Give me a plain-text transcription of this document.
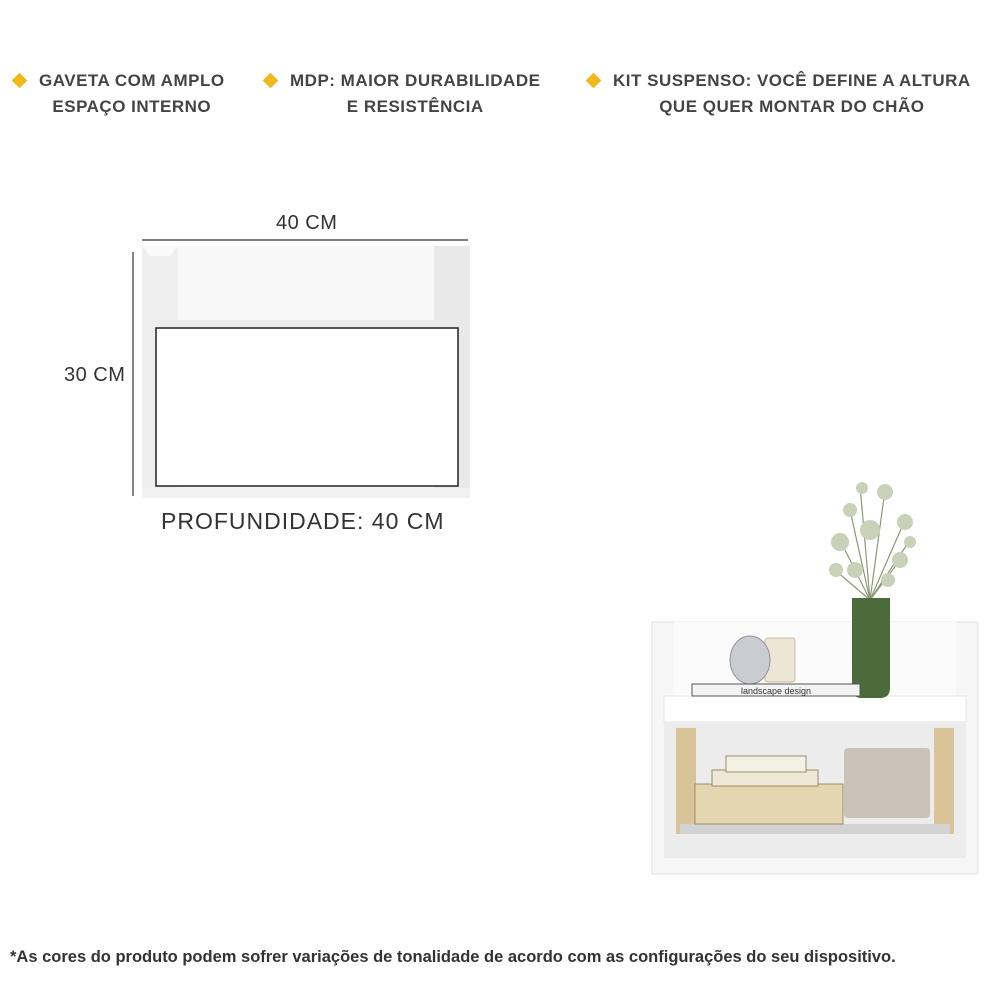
GAVETA COM AMPLO
ESPAÇO INTERNO
MDP: MAIOR DURABILIDADE
E RESISTÊNCIA
KIT SUSPENSO: VOCÊ DEFINE A ALTURA
QUE QUER MONTAR DO CHÃO
40 CM
30 CM
PROFUNDIDADE: 40 CM
landscape design
*As cores do produto podem sofrer variações de tonalidade de acordo com as configurações do seu dispositivo.
